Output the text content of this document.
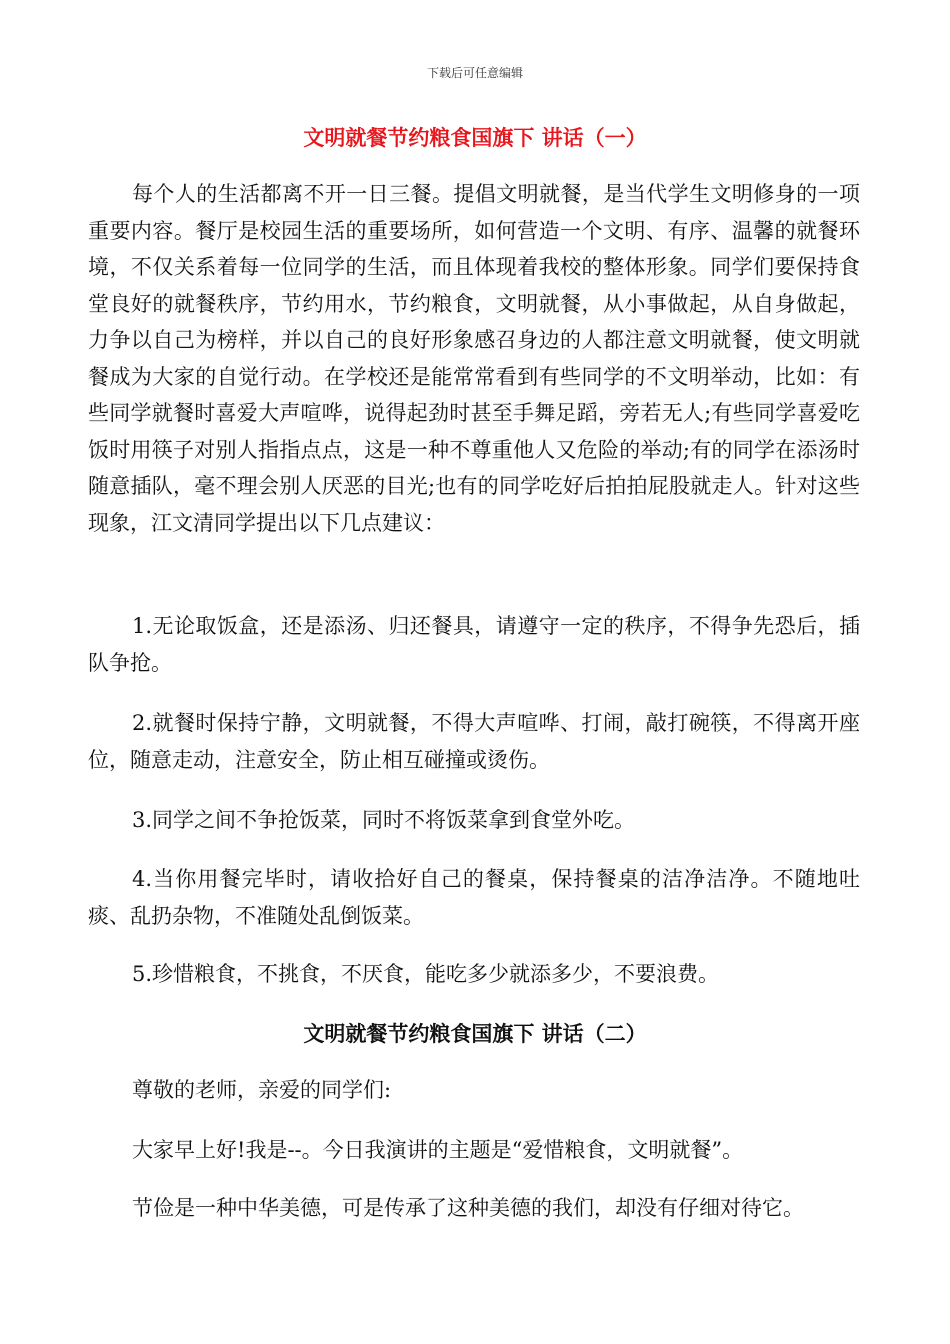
下载后可任意编辑
文明就餐节约粮食国旗下 讲话（一）

每个人的生活都离不开一日三餐。提倡文明就餐，是当代学生文明修身的一项重要内容。餐厅是校园生活的重要场所，如何营造一个文明、有序、温馨的就餐环境，不仅关系着每一位同学的生活，而且体现着我校的整体形象。同学们要保持食堂良好的就餐秩序，节约用水，节约粮食，文明就餐，从小事做起，从自身做起，力争以自己为榜样，并以自己的良好形象感召身边的人都注意文明就餐，使文明就餐成为大家的自觉行动。在学校还是能常常看到有些同学的不文明举动，比如：有些同学就餐时喜爱大声喧哗，说得起劲时甚至手舞足蹈，旁若无人;有些同学喜爱吃饭时用筷子对别人指指点点，这是一种不尊重他人又危险的举动;有的同学在添汤时随意插队，毫不理会别人厌恶的目光;也有的同学吃好后拍拍屁股就走人。针对这些现象，江文清同学提出以下几点建议：

1.无论取饭盒，还是添汤、归还餐具，请遵守一定的秩序，不得争先恐后，插队争抢。

2.就餐时保持宁静，文明就餐，不得大声喧哗、打闹，敲打碗筷，不得离开座位，随意走动，注意安全，防止相互碰撞或烫伤。

3.同学之间不争抢饭菜，同时不将饭菜拿到食堂外吃。

4.当你用餐完毕时，请收拾好自己的餐桌，保持餐桌的洁净洁净。不随地吐痰、乱扔杂物，不准随处乱倒饭菜。

5.珍惜粮食，不挑食，不厌食，能吃多少就添多少，不要浪费。

文明就餐节约粮食国旗下 讲话（二）

尊敬的老师，亲爱的同学们:

大家早上好!我是--。今日我演讲的主题是“爱惜粮食，文明就餐”。

节俭是一种中华美德，可是传承了这种美德的我们，却没有仔细对待它。
